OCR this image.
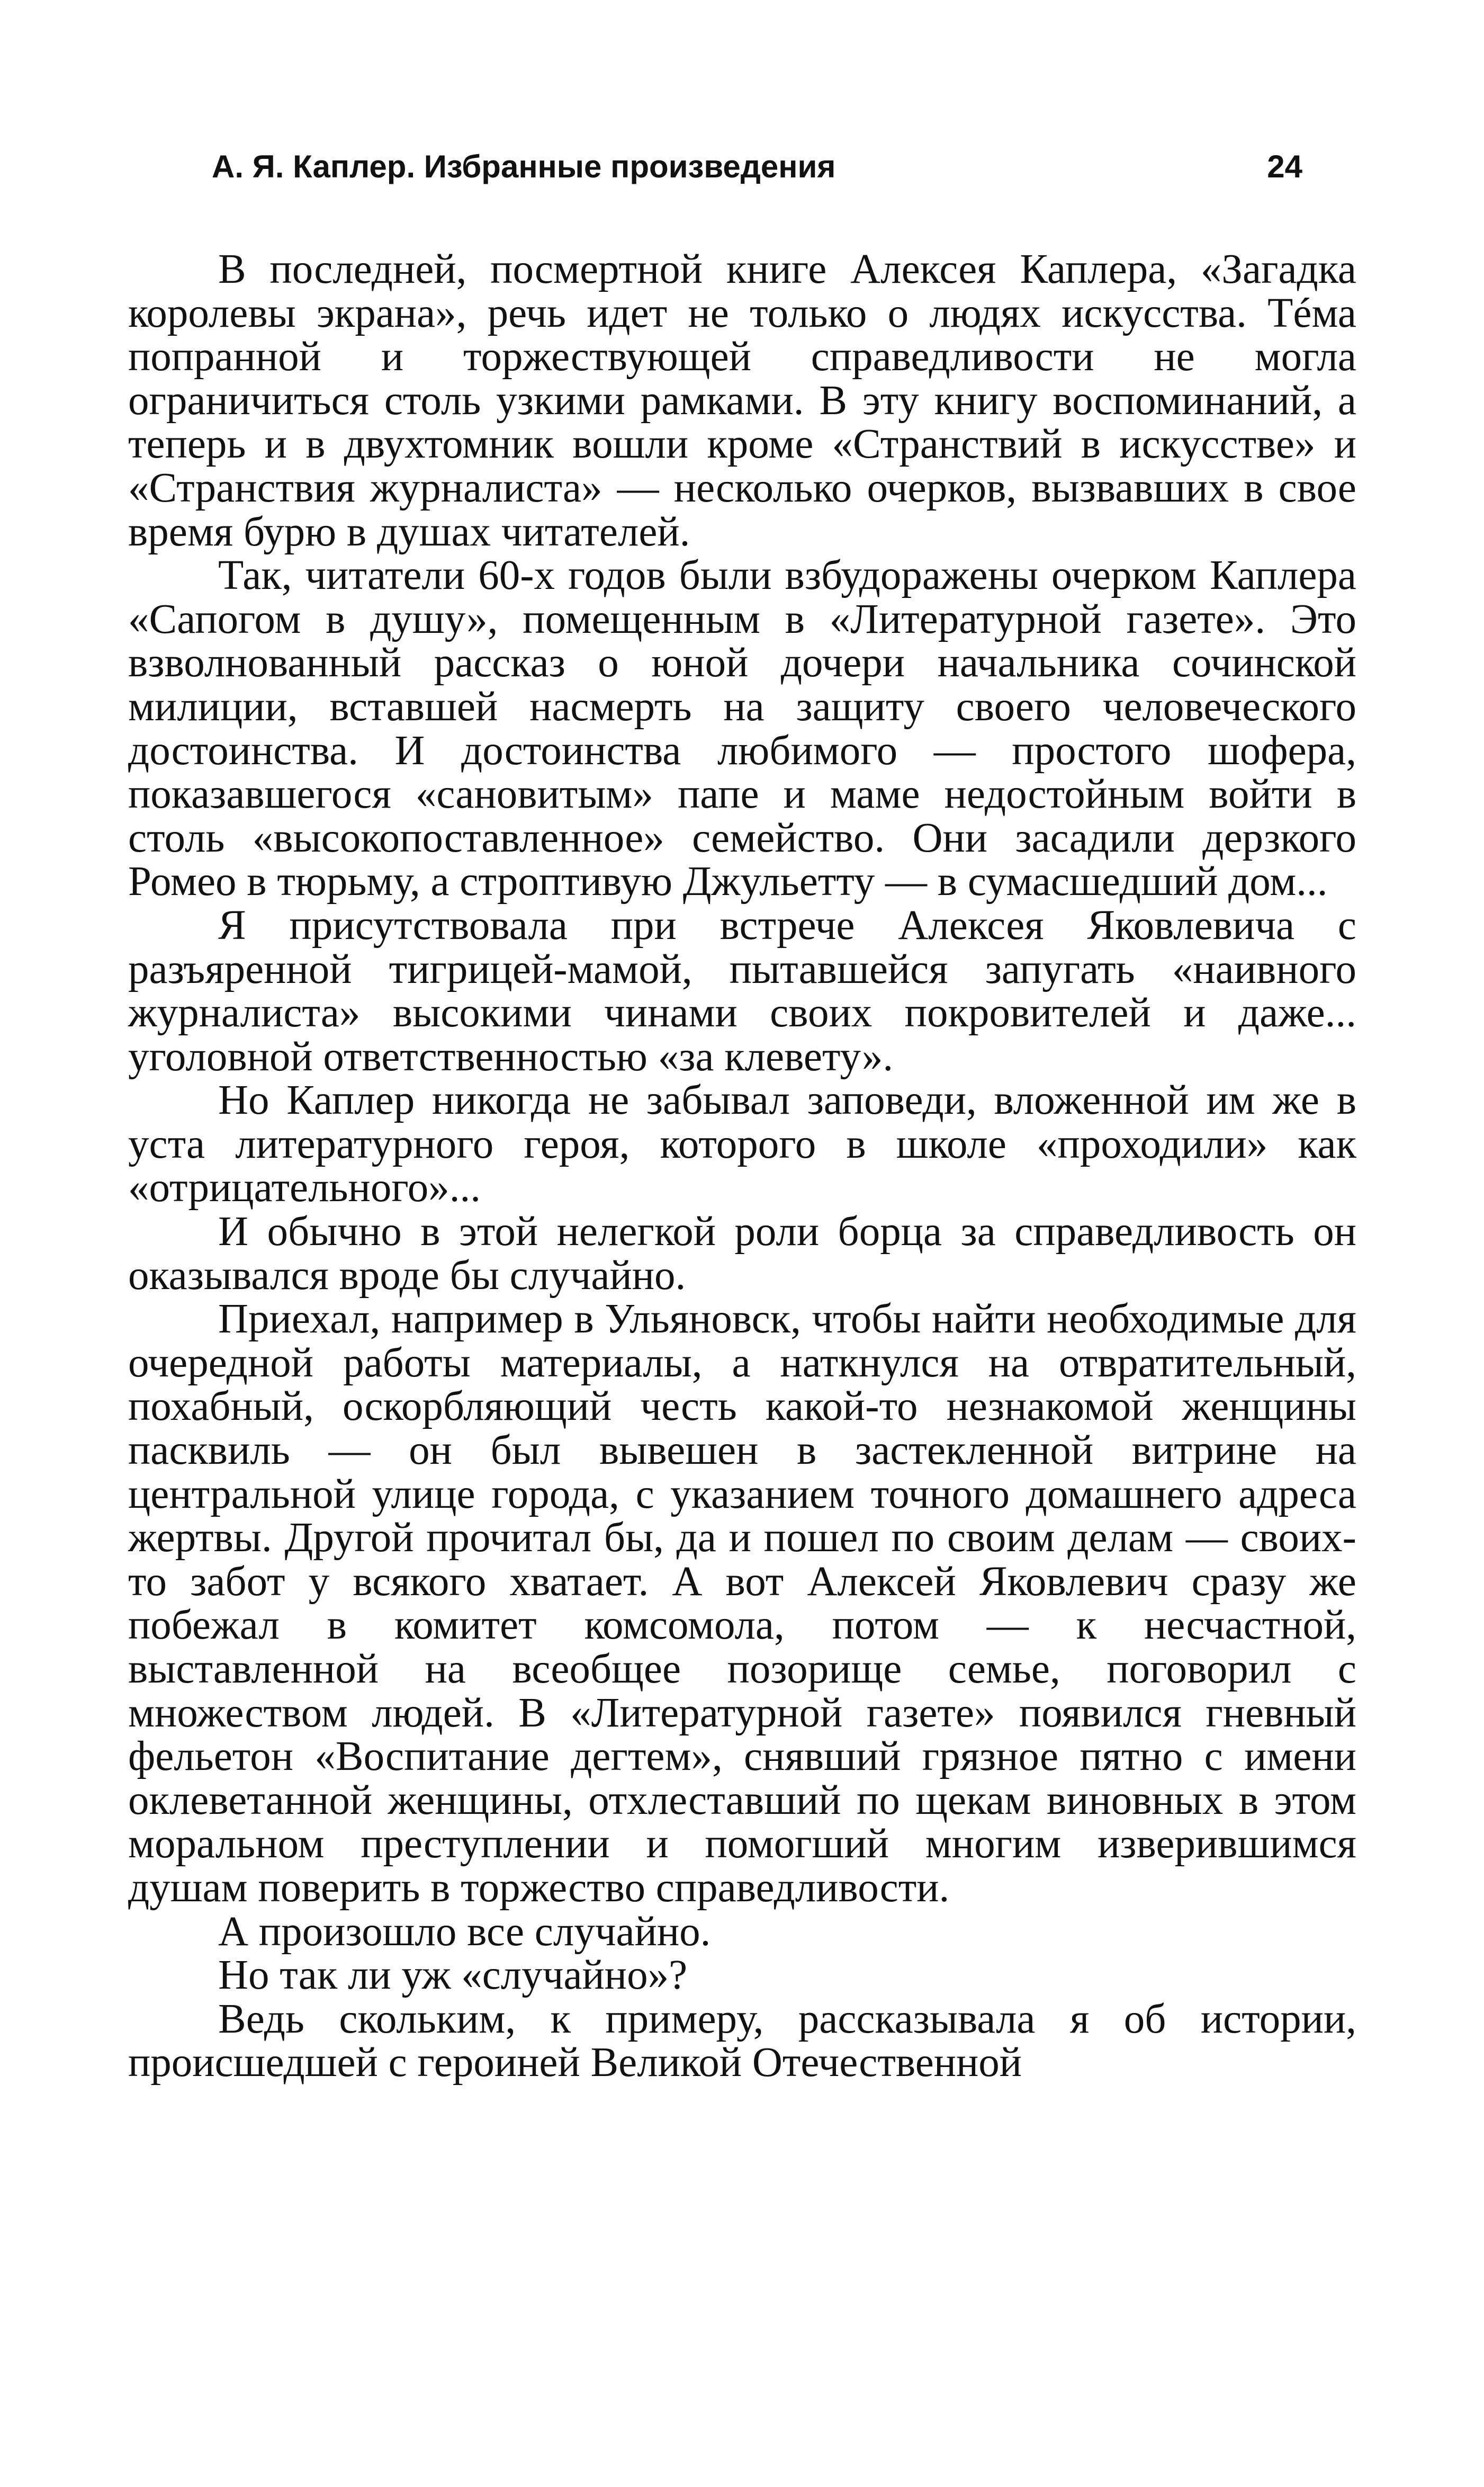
А. Я. Каплер. Избранные произведения	24

В последней, посмертной книге Алексея Каплера, «Загадка королевы экрана», речь идет не только о людях искусства. Тéма попранной и торжествующей справедливости не могла ограничиться столь узкими рамками. В эту книгу воспоминаний, а теперь и в двухтомник вошли кроме «Странствий в искусстве» и «Странствия журналиста» — несколько очерков, вызвавших в свое время бурю в душах читателей.

Так, читатели 60-х годов были взбудоражены очерком Каплера «Сапогом в душу», помещенным в «Литературной газете». Это взволнованный рассказ о юной дочери начальника сочинской милиции, вставшей насмерть на защиту своего человеческого достоинства. И достоинства любимого — простого шофера, показавшегося «сановитым» папе и маме недостойным войти в столь «высокопоставленное» семейство. Они засадили дерзкого Ромео в тюрьму, а строптивую Джульетту — в сумасшедший дом...

Я присутствовала при встрече Алексея Яковлевича с разъяренной тигрицей-мамой, пытавшейся запугать «наивного журналиста» высокими чинами своих покровителей и даже... уголовной ответственностью «за клевету».

Но Каплер никогда не забывал заповеди, вложенной им же в уста литературного героя, которого в школе «проходили» как «отрицательного»...

И обычно в этой нелегкой роли борца за справедливость он оказывался вроде бы случайно.

Приехал, например в Ульяновск, чтобы найти необходимые для очередной работы материалы, а наткнулся на отвратительный, похабный, оскорбляющий честь какой-то незнакомой женщины пасквиль — он был вывешен в застекленной витрине на центральной улице города, с указанием точного домашнего адреса жертвы. Другой прочитал бы, да и пошел по своим делам — своих-то забот у всякого хватает. А вот Алексей Яковлевич сразу же побежал в комитет комсомола, потом — к несчастной, выставленной на всеобщее позорище семье, поговорил с множеством людей. В «Литературной газете» появился гневный фельетон «Воспитание дегтем», снявший грязное пятно с имени оклеветанной женщины, отхлеставший по щекам виновных в этом моральном преступлении и помогший многим изверившимся душам поверить в торжество справедливости.

А произошло все случайно.

Но так ли уж «случайно»?

Ведь скольким, к примеру, рассказывала я об истории, происшедшей с героиней Великой Отечественной
